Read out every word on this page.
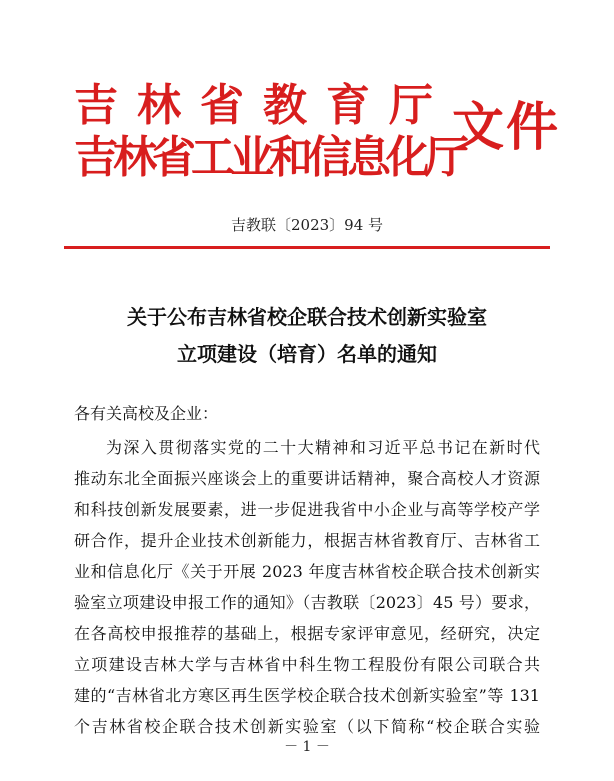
吉林省教育厅
吉林省工业和信息化厅
文件
吉教联〔2023〕94 号
关于公布吉林省校企联合技术创新实验室
立项建设（培育）名单的通知
各有关高校及企业：
为深入贯彻落实党的二十大精神和习近平总书记在新时代
推动东北全面振兴座谈会上的重要讲话精神，聚合高校人才资源
和科技创新发展要素，进一步促进我省中小企业与高等学校产学
研合作，提升企业技术创新能力，根据吉林省教育厅、吉林省工
业和信息化厅《关于开展 2023 年度吉林省校企联合技术创新实
验室立项建设申报工作的通知》（吉教联〔2023〕45 号）要求，
在各高校申报推荐的基础上，根据专家评审意见，经研究，决定
立项建设吉林大学与吉林省中科生物工程股份有限公司联合共
建的“吉林省北方寒区再生医学校企联合技术创新实验室”等 131
个吉林省校企联合技术创新实验室（以下简称“校企联合实验
－ 1 －
